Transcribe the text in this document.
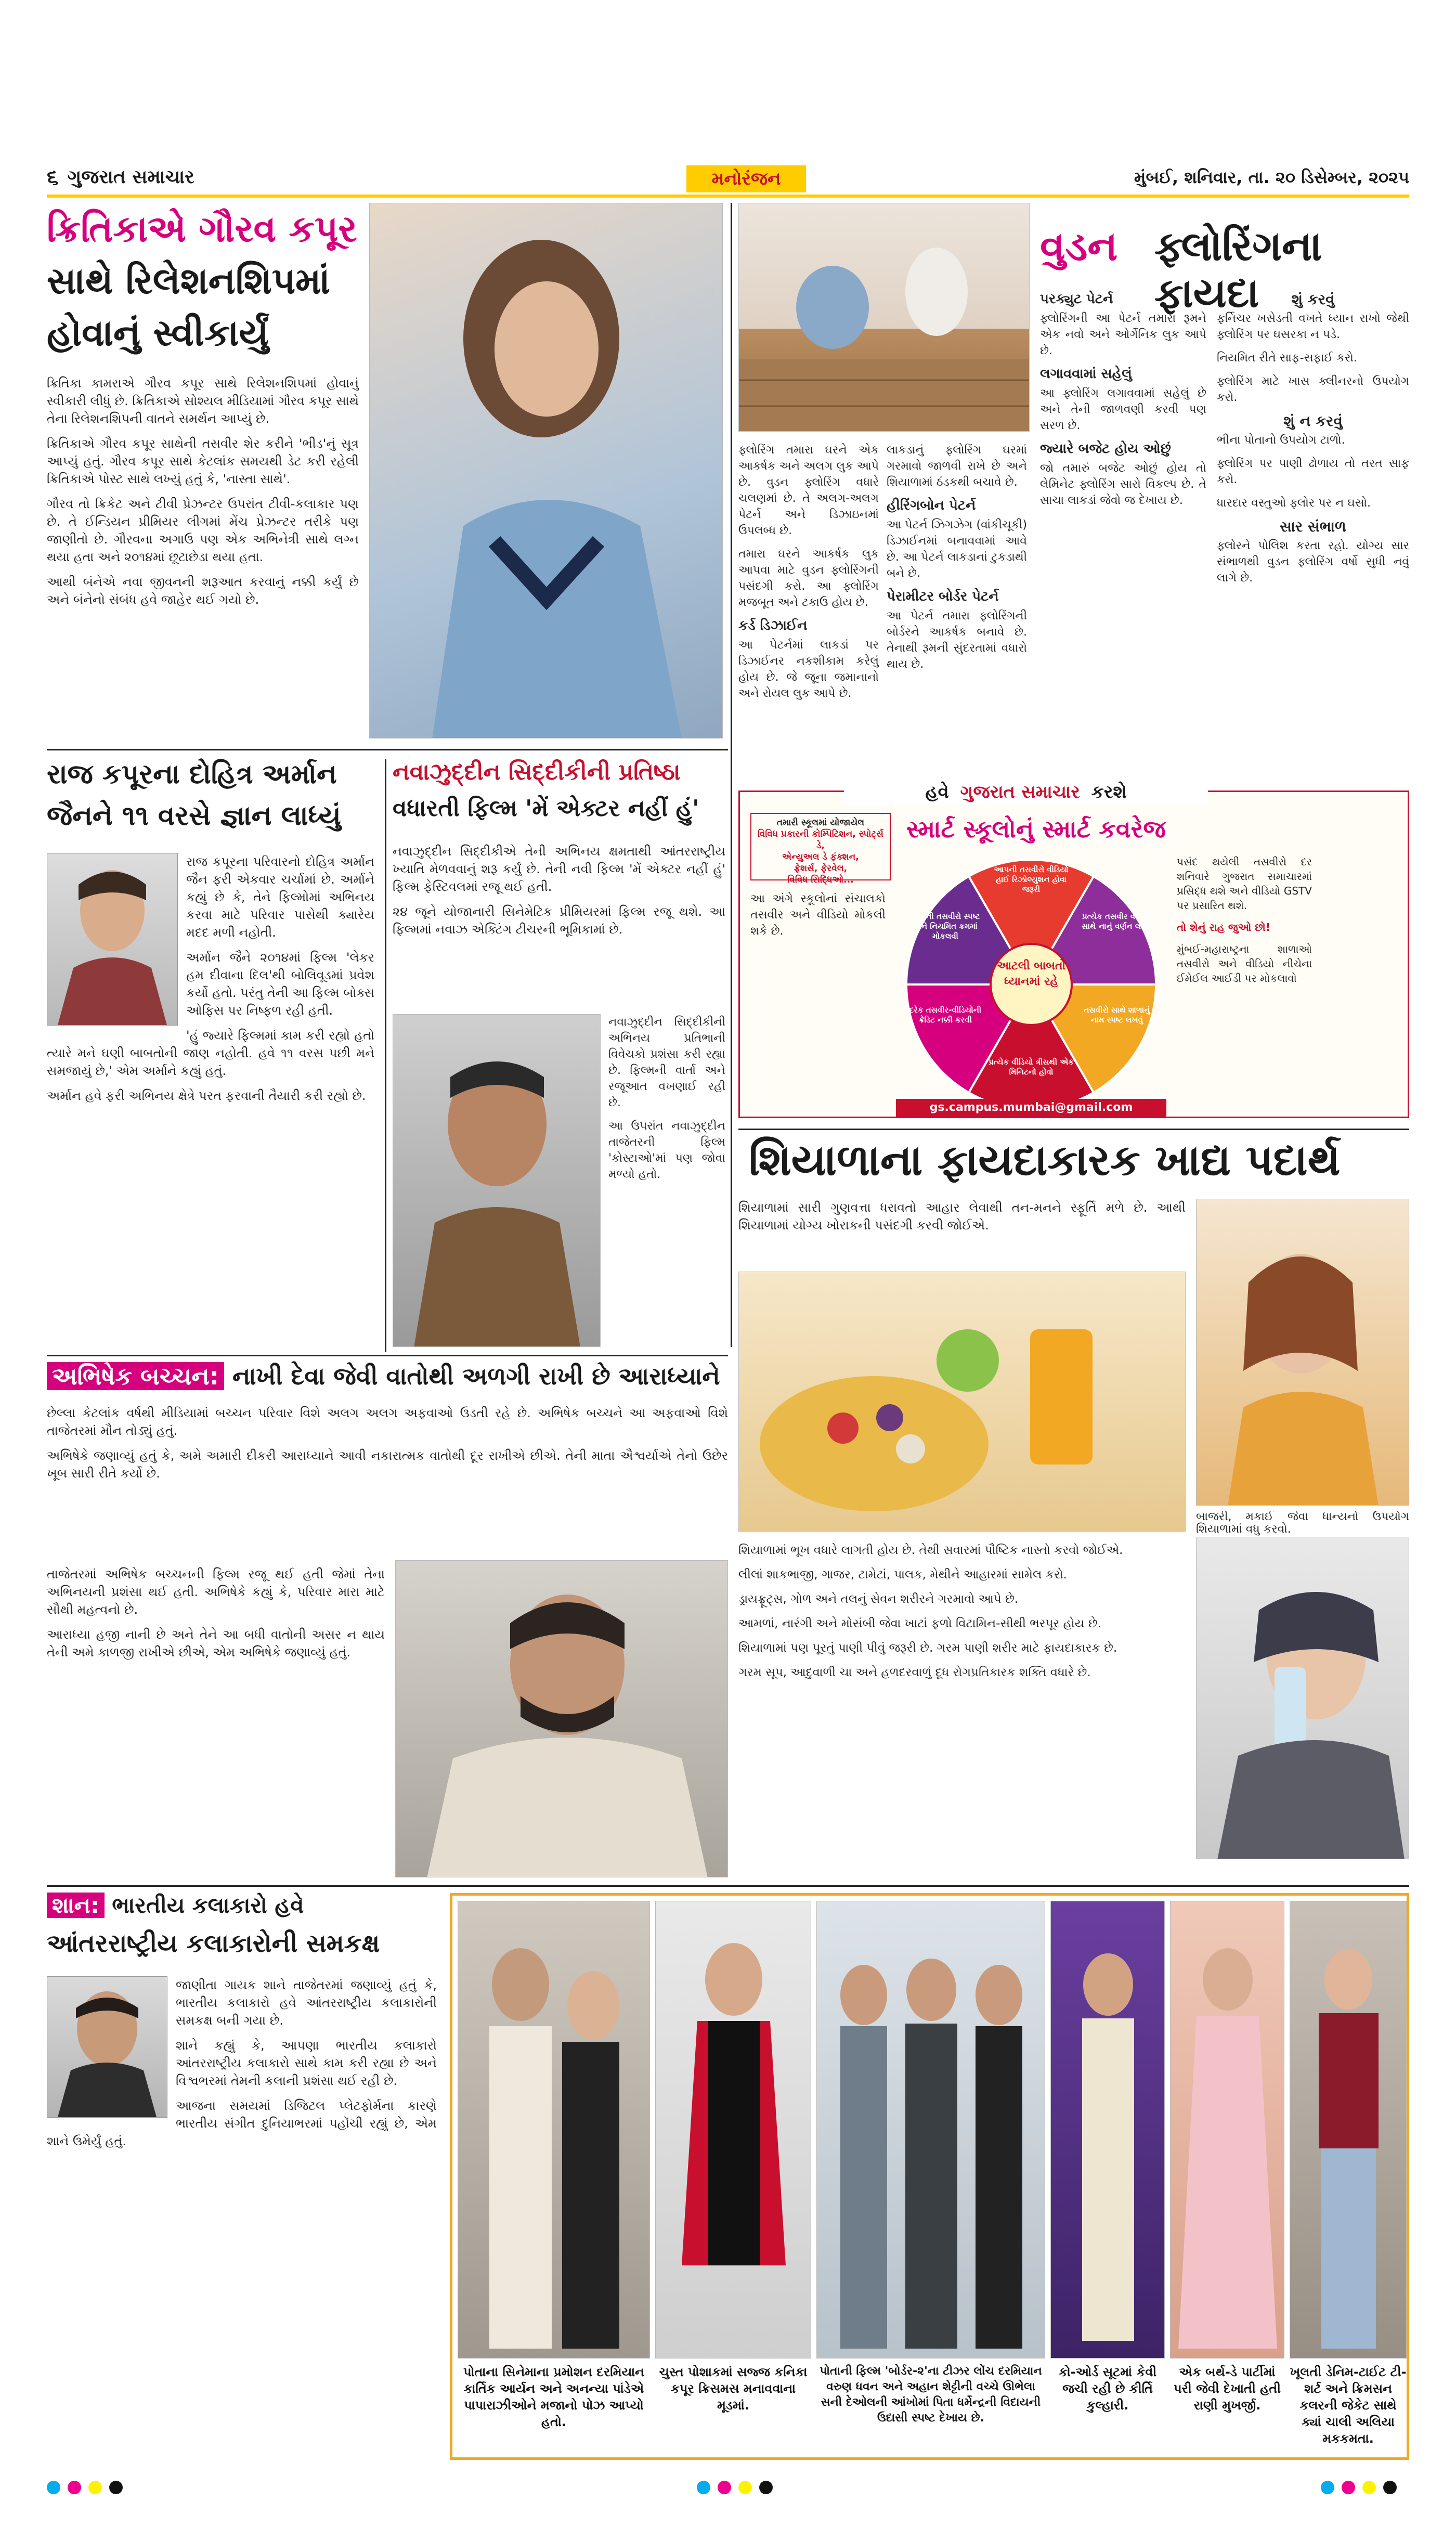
૬ ગુજરાત સમાચાર	મનોરંજન	મુંબઈ, શનિવાર, તા. ૨૦ ડિસેમ્બર, ૨૦૨૫
ક્રિતિકાએ ગૌરવ કપૂર
સાથે રિલેશનશિપમાં
હોવાનું સ્વીકાર્યું

ક્રિતિકા કામરાએ ગૌરવ કપૂર સાથે રિલેશનશિપમાં હોવાનું સ્વીકારી લીધું છે. ક્રિતિકાએ સોશ્યલ મીડિયામાં ગૌરવ કપૂર સાથે તેના રિલેશનશિપની વાતને સમર્થન આપ્યું છે.

ક્રિતિકાએ ગૌરવ કપૂર સાથેની તસવીર શેર કરીને 'ભીડ'નું સૂત્ર આપ્યું હતું. ગૌરવ કપૂર સાથે કેટલાંક સમયથી ડેટ કરી રહેલી ક્રિતિકાએ પોસ્ટ સાથે લખ્યું હતું કે, 'નાસ્તા સાથે'.

ગૌરવ તો ક્રિકેટ અને ટીવી પ્રેઝન્ટર ઉપરાંત ટીવી-કલાકાર પણ છે. તે ઈન્ડિયન પ્રીમિયર લીગમાં મેંચ પ્રેઝન્ટર તરીકે પણ જાણીતો છે. ગૌરવના અગાઉ પણ એક અભિનેત્રી સાથે લગ્ન થયા હતા અને ૨૦૧૪માં છૂટાછેડા થયા હતા.

આથી બંનેએ નવા જીવનની શરૂઆત કરવાનું નક્કી કર્યું છે અને બંનેનો સંબંધ હવે જાહેર થઈ ગયો છે.

વુડન ફ્લોરિંગના ફાયદા

ફ્લોરિંગ તમારા ઘરને એક આકર્ષક અને અલગ લુક આપે છે. વુડન ફ્લોરિંગ વધારે ચલણમાં છે. તે અલગ-અલગ પેટર્ન અને ડિઝાઇનમાં ઉપલબ્ધ છે.

તમારા ઘરને આકર્ષક લુક આપવા માટે વુડન ફ્લોરિંગની પસંદગી કરો. આ ફ્લોરિંગ મજબૂત અને ટકાઉ હોય છે.

કર્ડ ડિઝાઈન

આ પેટર્નમાં લાકડાં પર ડિઝાઈનર નકશીકામ કરેલું હોય છે. જે જૂના જમાનાનો અને રોયલ લુક આપે છે.

લાકડાનું ફ્લોરિંગ ઘરમાં ગરમાવો જાળવી રાખે છે અને શિયાળામાં ઠંડકથી બચાવે છે.

હીરિંગબોન પેટર્ન

આ પેટર્ન ઝિગઝેગ (વાંકીચૂકી) ડિઝાઈનમાં બનાવવામાં આવે છે. આ પેટર્ન લાકડાનાં ટુકડાથી બને છે.

પેરામીટર બોર્ડર પેટર્ન

આ પેટર્ન તમારા ફ્લોરિંગની બોર્ડરને આકર્ષક બનાવે છે. તેનાથી રૂમની સુંદરતામાં વધારો થાય છે.

પરક્યુટ પેટર્ન

ફ્લોરિંગની આ પેટર્ન તમારા રૂમને એક નવો અને ઓર્ગેનિક લુક આપે છે.

લગાવવામાં સહેલું

આ ફ્લોરિંગ લગાવવામાં સહેલું છે અને તેની જાળવણી કરવી પણ સરળ છે.

જ્યારે બજેટ હોય ઓછું

જો તમારું બજેટ ઓછું હોય તો લેમિનેટ ફ્લોરિંગ સારો વિકલ્પ છે. તે સાચા લાકડાં જેવો જ દેખાય છે.

શું કરવું

ફર્નિચર ખસેડતી વખતે ધ્યાન રાખો જેથી ફ્લોરિંગ પર ઘસરકા ન પડે.

નિયમિત રીતે સાફ-સફાઈ કરો.

ફ્લોરિંગ માટે ખાસ ક્લીનરનો ઉપયોગ કરો.

શું ન કરવું

ભીના પોતાનો ઉપયોગ ટાળો.

ફ્લોરિંગ પર પાણી ઢોળાય તો તરત સાફ કરો.

ધારદાર વસ્તુઓ ફ્લોર પર ન ઘસો.

સાર સંભાળ

ફ્લોરને પોલિશ કરતા રહો. યોગ્ય સાર સંભાળથી વુડન ફ્લોરિંગ વર્ષો સુધી નવું લાગે છે.

રાજ કપૂરના દોહિત્ર અર્માન
જૈનને ૧૧ વરસે જ્ઞાન લાધ્યું

રાજ કપૂરના પરિવારનો દોહિત્ર અર્માન જૈન ફરી એકવાર ચર્ચામાં છે. અર્માને કહ્યું છે કે, તેને ફિલ્મોમાં અભિનય કરવા માટે પરિવાર પાસેથી ક્યારેય મદદ મળી નહોતી.

અર્માન જૈને ૨૦૧૪માં ફિલ્મ 'લેકર હમ દીવાના દિલ'થી બોલિવૂડમાં પ્રવેશ કર્યો હતો. પરંતુ તેની આ ફિલ્મ બોક્સ ઓફિસ પર નિષ્ફળ રહી હતી.

'હું જ્યારે ફિલ્મમાં કામ કરી રહ્યો હતો ત્યારે મને ઘણી બાબતોની જાણ નહોતી. હવે ૧૧ વરસ પછી મને સમજાયું છે,' એમ અર્માને કહ્યું હતું.

અર્માન હવે ફરી અભિનય ક્ષેત્રે પરત ફરવાની તૈયારી કરી રહ્યો છે.

નવાઝુદ્દીન સિદ્દીકીની પ્રતિષ્ઠા
વધારતી ફિલ્મ 'મેં એક્ટર નહીં હું'

નવાઝુદ્દીન સિદ્દીકીએ તેની અભિનય ક્ષમતાથી આંતરરાષ્ટ્રીય ખ્યાતિ મેળવવાનું શરૂ કર્યું છે. તેની નવી ફિલ્મ 'મેં એક્ટર નહીં હું' ફિલ્મ ફેસ્ટિવલમાં રજૂ થઈ હતી.

૨૪ જૂને યોજાનારી સિનેમેટિક પ્રીમિયરમાં ફિલ્મ રજૂ થશે. આ ફિલ્મમાં નવાઝ એક્ટિંગ ટીચરની ભૂમિકામાં છે.

નવાઝુદ્દીન સિદ્દીકીની અભિનય પ્રતિભાની વિવેચકો પ્રશંસા કરી રહ્યા છે. ફિલ્મની વાર્તા અને રજૂઆત વખણાઈ રહી છે.

આ ઉપરાંત નવાઝુદ્દીન તાજેતરની ફિલ્મ 'કોસ્ટાઓ'માં પણ જોવા મળ્યો હતો.

હવે ગુજરાત સમાચાર કરશે
તમારી સ્કૂલમાં યોજાયેલ
વિવિધ પ્રકારની કોમ્પિટિશન, સ્પોર્ટ્સ ડે,
એન્યુઅલ ડે ફંક્શન,
ફ્રેશર્સ, ફેરવેલ,
વિવિધ સિદ્ધિઓ...
સ્માર્ટ સ્કૂલોનું સ્માર્ટ કવરેજ
આ અંગે સ્કૂલોનાં સંચાલકો તસવીર અને વીડિયો મોકલી શકે છે.
આટલી બાબતો ધ્યાનમાં રહે
આપની તસવીરો વીડિયો હાઈ રિઝોલ્યુશન હોવા જરૂરી
પ્રત્યેક તસવીર વીડિયો સાથે નાનું વર્ણન લખવું
તસવીરો સાથે શાળાનું નામ સ્પષ્ટ લખવું
પ્રત્યેક વીડિયો ત્રીસથી એક મિનિટનો હોવો
દરેક તસવીર-વીડિયોની ક્રેડિટ નક્કી કરવી
આપની તસવીરો સ્પષ્ટ અને નિયમિત ક્રમમાં મોકલવી

પસંદ થયેલી તસવીરો દર શનિવારે ગુજરાત સમાચારમાં પ્રસિદ્ધ થશે અને વીડિયો GSTV પર પ્રસારિત થશે.

તો શેનું રાહ જુઓ છો!

મુંબઈ-મહારાષ્ટ્રના શાળાઓ તસવીરો અને વીડિયો નીચેના ઈમેઈલ આઈડી પર મોકલાવો

gs.campus.mumbai@gmail.com
શિયાળાના ફાયદાકારક ખાદ્ય પદાર્થ
શિયાળામાં સારી ગુણવત્તા ધરાવતો આહાર લેવાથી તન-મનને સ્ફૂર્તિ મળે છે. આથી શિયાળામાં યોગ્ય ખોરાકની પસંદગી કરવી જોઈએ.

શિયાળામાં ભૂખ વધારે લાગતી હોય છે. તેથી સવારમાં પૌષ્ટિક નાસ્તો કરવો જોઈએ.

લીલાં શાકભાજી, ગાજર, ટામેટાં, પાલક, મેથીને આહારમાં સામેલ કરો.

ડ્રાયફ્રૂટ્સ, ગોળ અને તલનું સેવન શરીરને ગરમાવો આપે છે.

આમળાં, નારંગી અને મોસંબી જેવા ખાટાં ફળો વિટામિન-સીથી ભરપૂર હોય છે.

શિયાળામાં પણ પૂરતું પાણી પીવું જરૂરી છે. ગરમ પાણી શરીર માટે ફાયદાકારક છે.

ગરમ સૂપ, આદુવાળી ચા અને હળદરવાળું દૂધ રોગપ્રતિકારક શક્તિ વધારે છે.

બાજરી, મકાઈ જેવા ધાન્યનો ઉપયોગ શિયાળામાં વધુ કરવો.
અભિષેક બચ્ચન: નાખી દેવા જેવી વાતોથી અળગી રાખી છે આરાધ્યાને

છેલ્લા કેટલાંક વર્ષથી મીડિયામાં બચ્ચન પરિવાર વિશે અલગ અલગ અફવાઓ ઉડતી રહે છે. અભિષેક બચ્ચને આ અફવાઓ વિશે તાજેતરમાં મૌન તોડ્યું હતું.

અભિષેકે જણાવ્યું હતું કે, અમે અમારી દીકરી આરાધ્યાને આવી નકારાત્મક વાતોથી દૂર રાખીએ છીએ. તેની માતા ઐશ્વર્યાએ તેનો ઉછેર ખૂબ સારી રીતે કર્યો છે.

તાજેતરમાં અભિષેક બચ્ચનની ફિલ્મ રજૂ થઈ હતી જેમાં તેના અભિનયની પ્રશંસા થઈ હતી. અભિષેકે કહ્યું કે, પરિવાર મારા માટે સૌથી મહત્વનો છે.

આરાધ્યા હજી નાની છે અને તેને આ બધી વાતોની અસર ન થાય તેની અમે કાળજી રાખીએ છીએ, એમ અભિષેકે જણાવ્યું હતું.

શાન: ભારતીય કલાકારો હવે
આંતરરાષ્ટ્રીય કલાકારોની સમકક્ષ

જાણીતા ગાયક શાને તાજેતરમાં જણાવ્યું હતું કે, ભારતીય કલાકારો હવે આંતરરાષ્ટ્રીય કલાકારોની સમકક્ષ બની ગયા છે.

શાને કહ્યું કે, આપણા ભારતીય કલાકારો આંતરરાષ્ટ્રીય કલાકારો સાથે કામ કરી રહ્યા છે અને વિશ્વભરમાં તેમની કલાની પ્રશંસા થઈ રહી છે.

આજના સમયમાં ડિજિટલ પ્લેટફોર્મના કારણે ભારતીય સંગીત દુનિયાભરમાં પહોંચી રહ્યું છે, એમ શાને ઉમેર્યું હતું.

પોતાના સિનેમાના પ્રમોશન દરમિયાન કાર્તિક આર્યન અને અનન્યા પાંડેએ પાપારાઝીઓને મજાનો પોઝ આપ્યો હતો.
ચુસ્ત પોશાકમાં સજ્જ કનિકા કપૂર ક્રિસમસ મનાવવાના મૂડમાં.
પોતાની ફિલ્મ 'બોર્ડર-૨'ના ટીઝર લોંચ દરમિયાન વરુણ ધવન અને અહાન શેટ્ટીની વચ્ચે ઊભેલા સની દેઓલની આંખોમાં પિતા ધર્મેન્દ્રની વિદાયની ઉદાસી સ્પષ્ટ દેખાય છે.
કો-ઓર્ડ સૂટમાં કેવી જચી રહી છે કીર્તિ કુલ્હારી.
એક બર્થ-ડે પાર્ટીમાં પરી જેવી દેખાતી હતી રાણી મુખર્જી.
ખૂલતી ડેનિમ-ટાઈટ ટી-શર્ટ અને ક્રિમસન કલરની જેકેટ સાથે ક્યાં ચાલી અલિયા મકકમતા.
